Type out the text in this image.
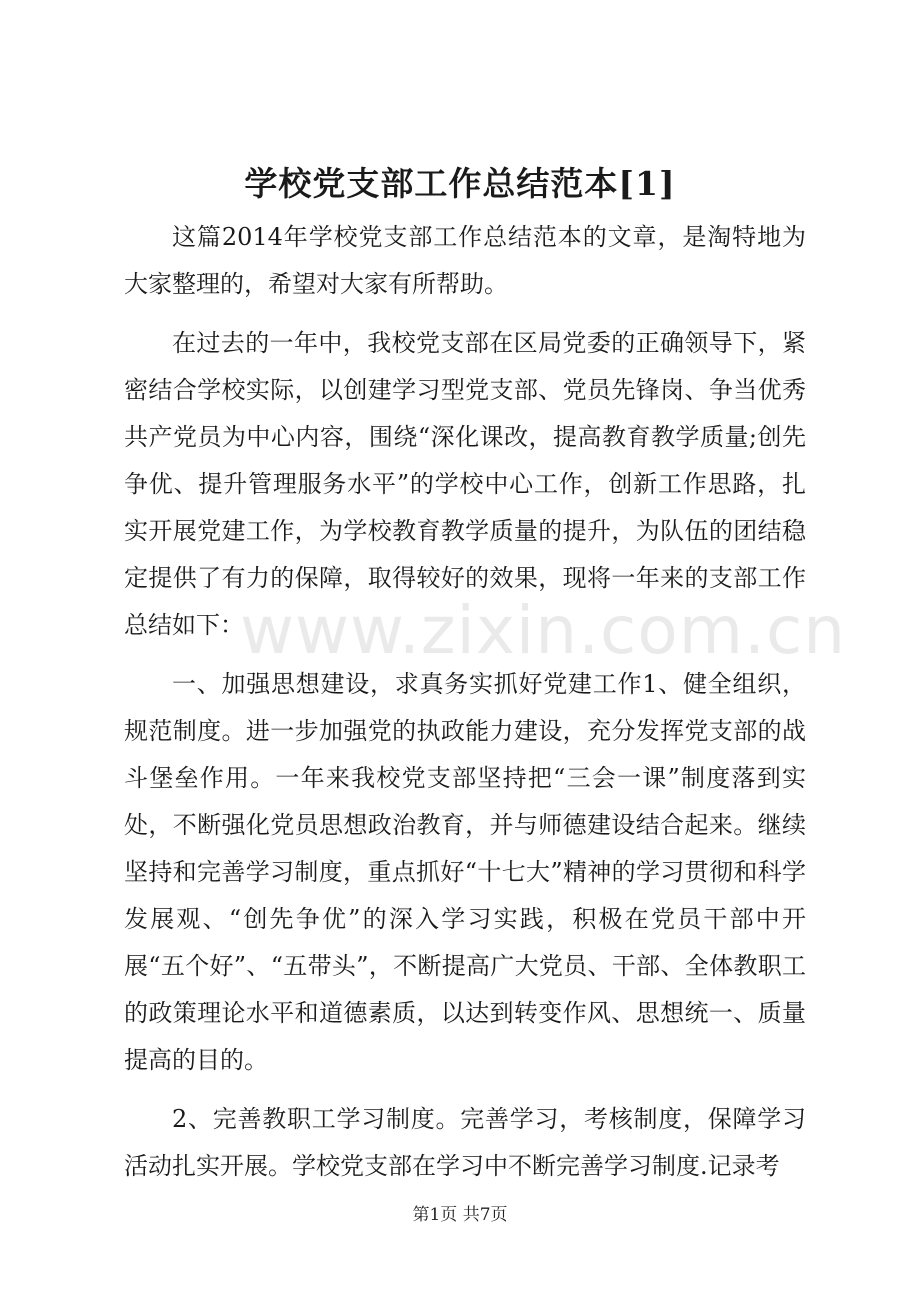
学校党支部工作总结范本[1]

这篇2014年学校党支部工作总结范本的文章，是淘特地为大家整理的，希望对大家有所帮助。

在过去的一年中，我校党支部在区局党委的正确领导下，紧密结合学校实际，以创建学习型党支部、党员先锋岗、争当优秀共产党员为中心内容，围绕“深化课改，提高教育教学质量;创先争优、提升管理服务水平”的学校中心工作，创新工作思路，扎实开展党建工作，为学校教育教学质量的提升，为队伍的团结稳定提供了有力的保障，取得较好的效果，现将一年来的支部工作总结如下：

一、加强思想建设，求真务实抓好党建工作1、健全组织，规范制度。进一步加强党的执政能力建设，充分发挥党支部的战斗堡垒作用。一年来我校党支部坚持把“三会一课”制度落到实处，不断强化党员思想政治教育，并与师德建设结合起来。继续坚持和完善学习制度，重点抓好“十七大”精神的学习贯彻和科学发展观、“创先争优”的深入学习实践，积极在党员干部中开展“五个好”、“五带头”，不断提高广大党员、干部、全体教职工的政策理论水平和道德素质，以达到转变作风、思想统一、质量提高的目的。

2、完善教职工学习制度。完善学习，考核制度，保障学习活动扎实开展。学校党支部在学习中不断完善学习制度.记录考

www.zixin.com.cn
第1页 共7页
